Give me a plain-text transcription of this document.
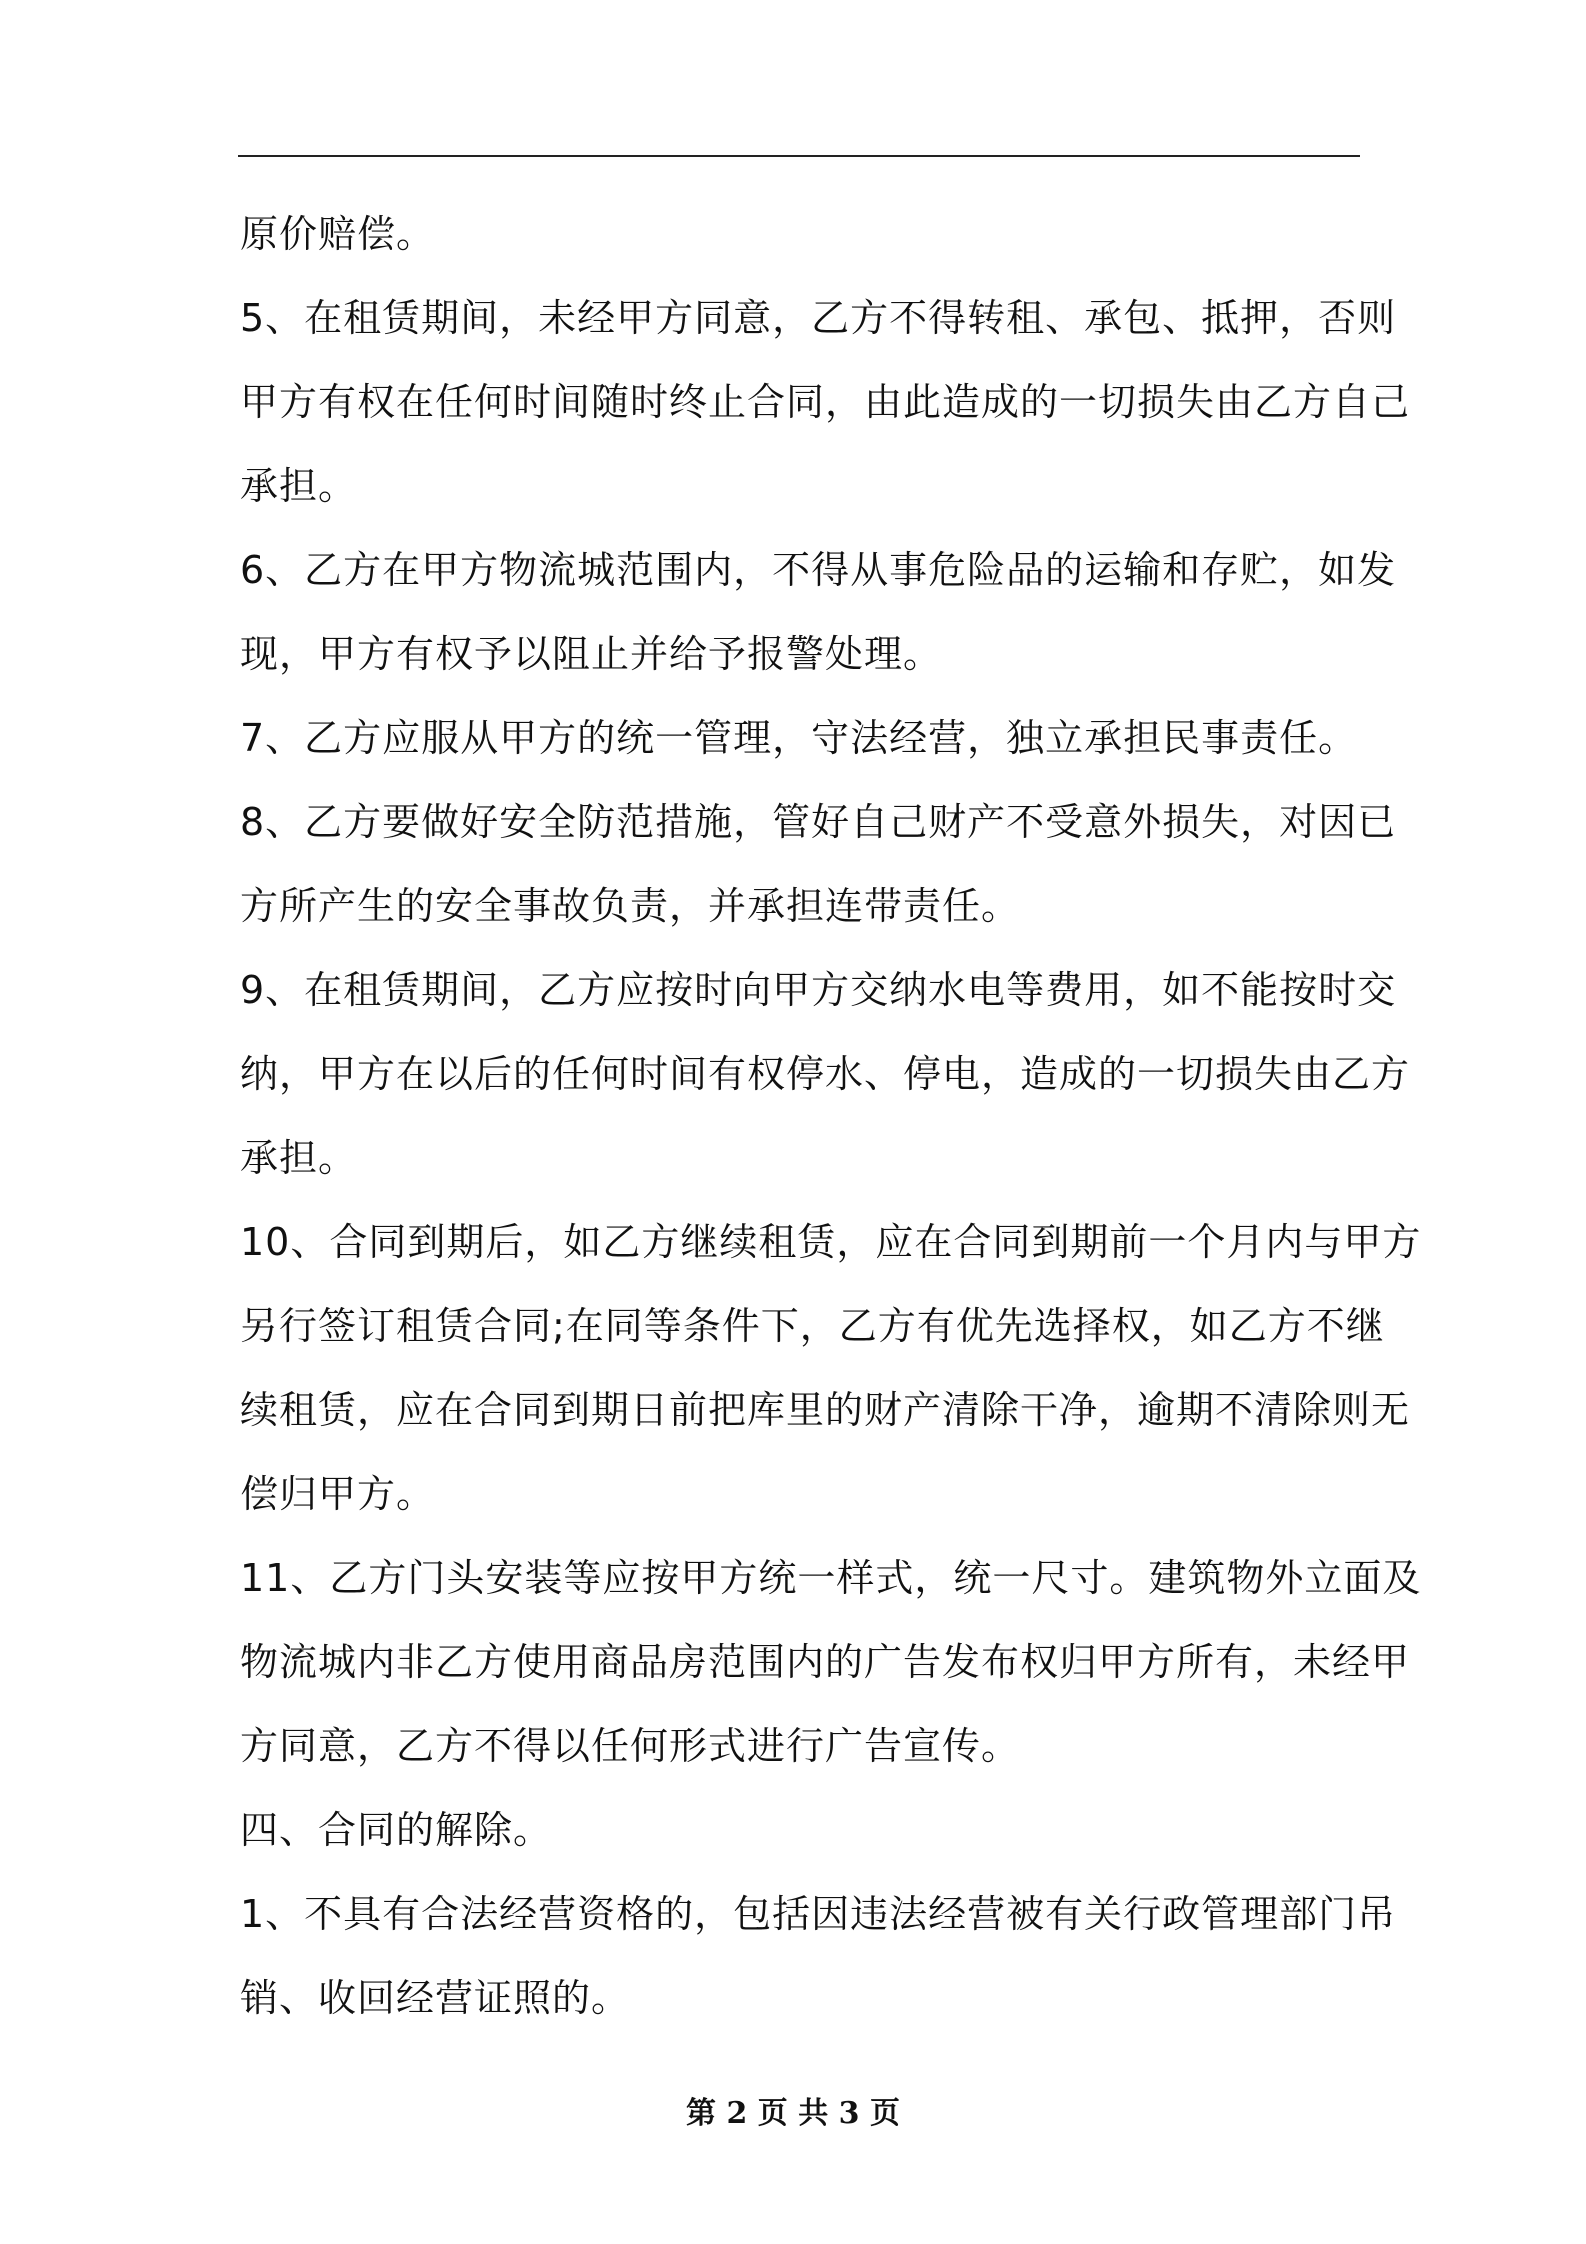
原价赔偿。
5、在租赁期间，未经甲方同意，乙方不得转租、承包、抵押，否则
甲方有权在任何时间随时终止合同，由此造成的一切损失由乙方自己
承担。
6、乙方在甲方物流城范围内，不得从事危险品的运输和存贮，如发
现，甲方有权予以阻止并给予报警处理。
7、乙方应服从甲方的统一管理，守法经营，独立承担民事责任。
8、乙方要做好安全防范措施，管好自己财产不受意外损失，对因已
方所产生的安全事故负责，并承担连带责任。
9、在租赁期间，乙方应按时向甲方交纳水电等费用，如不能按时交
纳，甲方在以后的任何时间有权停水、停电，造成的一切损失由乙方
承担。
10、合同到期后，如乙方继续租赁，应在合同到期前一个月内与甲方
另行签订租赁合同;在同等条件下，乙方有优先选择权，如乙方不继
续租赁，应在合同到期日前把库里的财产清除干净，逾期不清除则无
偿归甲方。
11、乙方门头安装等应按甲方统一样式，统一尺寸。建筑物外立面及
物流城内非乙方使用商品房范围内的广告发布权归甲方所有，未经甲
方同意，乙方不得以任何形式进行广告宣传。
四、合同的解除。
1、不具有合法经营资格的，包括因违法经营被有关行政管理部门吊
销、收回经营证照的。
第 2 页 共 3 页
